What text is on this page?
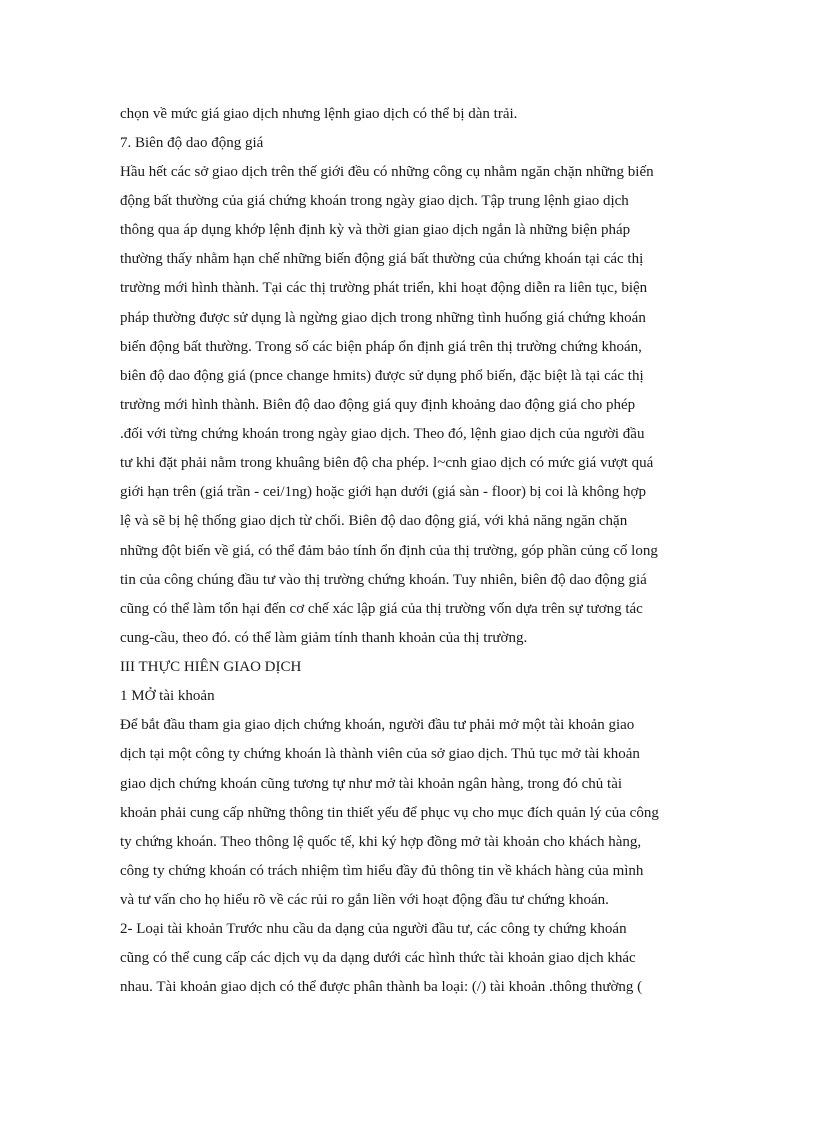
chọn về mức giá giao dịch nhưng lệnh giao dịch có thể bị dàn trải.
7. Biên độ dao động giá
Hầu hết các sở giao dịch trên thế giới đều có những công cụ nhằm ngăn chặn những biến
động bất thường của giá chứng khoán trong ngày giao dịch. Tập trung lệnh giao dịch
thông qua áp dụng khớp lệnh định kỳ và thời gian giao dịch ngắn là những biện pháp
thường thấy nhằm hạn chế những biến động giá bất thường của chứng khoán tại các thị
trường mới hình thành. Tại các thị trường phát triển, khi hoạt động diễn ra liên tục, biện
pháp thường được sử dụng là ngừng giao dịch trong những tình huống giá chứng khoán
biến động bất thường. Trong số các biện pháp ổn định giá trên thị trường chứng khoán,
biên độ dao động giá (pnce change hmits) được sử dụng phổ biến, đặc biệt là tại các thị
trường mới hình thành. Biên độ dao động giá quy định khoảng dao động giá cho phép
.đối với từng chứng khoán trong ngày giao dịch. Theo đó, lệnh giao dịch của người đầu
tư khi đặt phải nằm trong khuâng biên độ cha phép. l~cnh giao dịch có mức giá vượt quá
giới hạn trên (giá trần - cei/1ng) hoặc giới hạn dưới (giá sàn - floor) bị coi là không hợp
lệ và sẽ bị hệ thống giao dịch từ chối. Biên độ dao động giá, với khả năng ngăn chặn
những đột biến về giá, có thể đảm bảo tính ổn định của thị trường, góp phần củng cố long
tin của công chúng đầu tư vào thị trường chứng khoán. Tuy nhiên, biên độ dao động giá
cũng có thể làm tổn hại đến cơ chế xác lập giá của thị trường vốn dựa trên sự tương tác
cung-cầu, theo đó. có thể làm giảm tính thanh khoản của thị trường.
III THỰC HIÊN GIAO DỊCH
1 MỞ tài khoản
Để bắt đầu tham gia giao dịch chứng khoán, người đầu tư phải mở một tài khoản giao
dịch tại một công ty chứng khoán là thành viên của sở giao dịch. Thủ tục mở tài khoản
giao dịch chứng khoán cũng tương tự như mở tài khoản ngân hàng, trong đó chủ tài
khoản phải cung cấp những thông tin thiết yếu để phục vụ cho mục đích quản lý của công
ty chứng khoán. Theo thông lệ quốc tế, khi ký hợp đồng mở tài khoản cho khách hàng,
công ty chứng khoán có trách nhiệm tìm hiểu đầy đủ thông tin về khách hàng của mình
và tư vấn cho họ hiểu rõ về các rủi ro gắn liền với hoạt động đầu tư chứng khoán.
2- Loại tài khoản Trước nhu cầu da dạng của người đầu tư, các công ty chứng khoán
cũng có thể cung cấp các dịch vụ da dạng dưới các hình thức tài khoản giao dịch khác
nhau. Tài khoản giao dịch có thể được phân thành ba loại: (/) tài khoản .thông thường (
